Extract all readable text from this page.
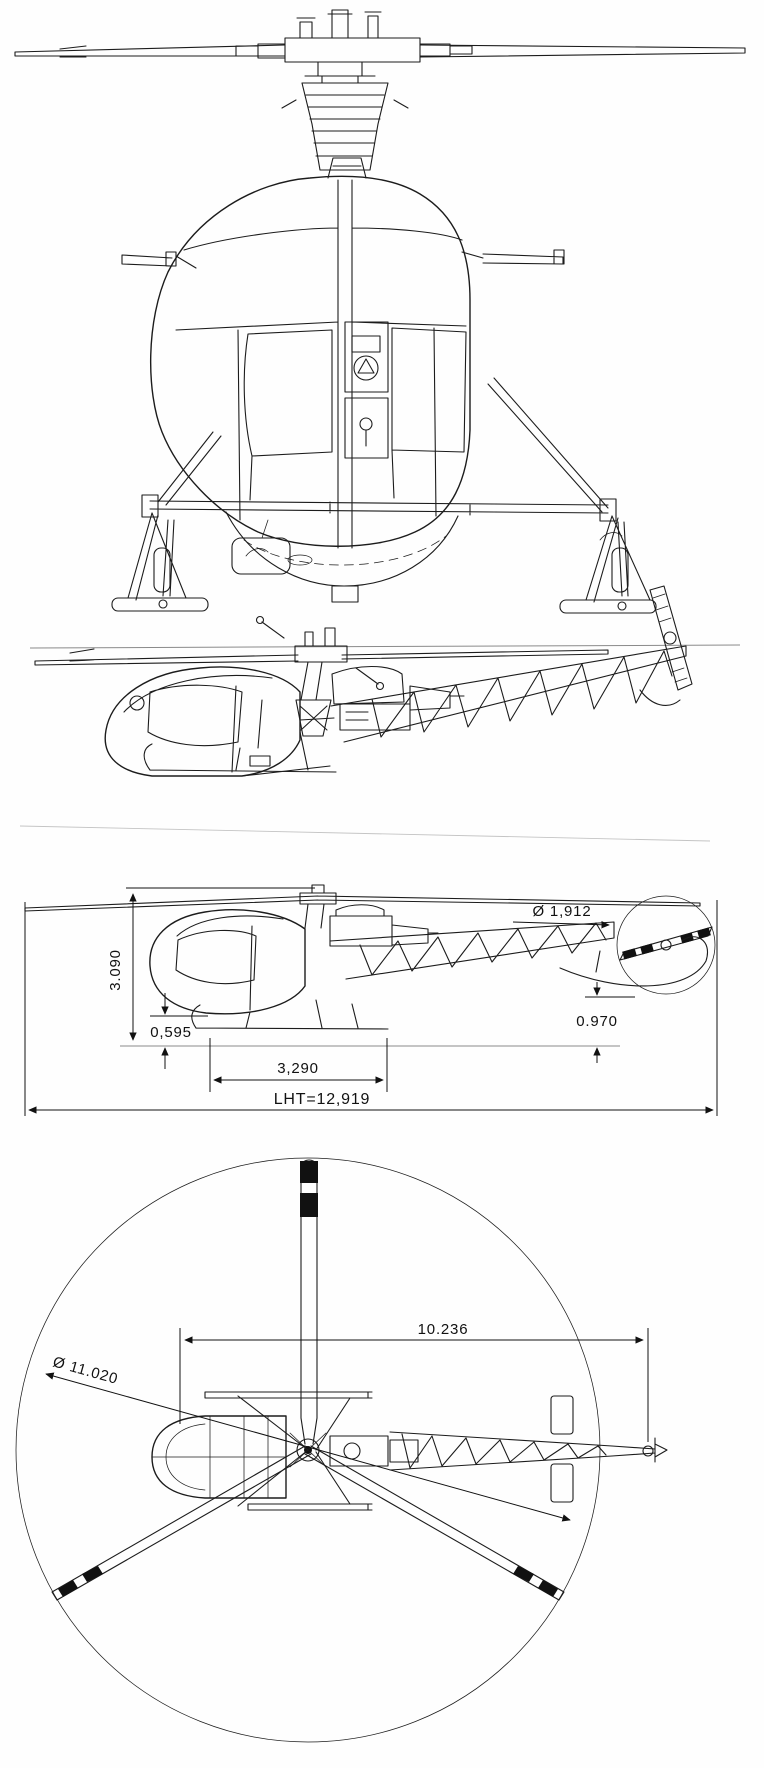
3.090
0,595
Ø 1,912
0.970
3,290
LHT=12,919
10.236
Ø 11.020
